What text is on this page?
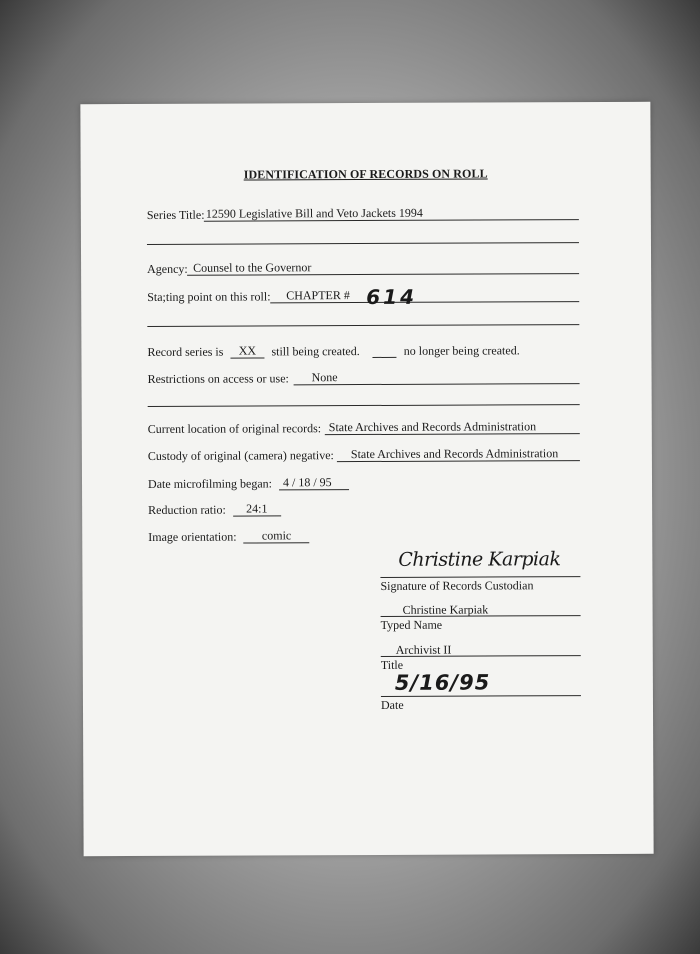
IDENTIFICATION OF RECORDS ON ROLL
Series Title: 12590 Legislative Bill and Veto Jackets 1994
Agency: Counsel to the Governor
Sta;ting point on this roll: CHAPTER # 614
Record series is XX still being created.	no longer being created.
Restrictions on access or use: None
Current location of original records: State Archives and Records Administration
Custody of original (camera) negative: State Archives and Records Administration
Date microfilming began: 4 / 18 / 95
Reduction ratio: 24:1
Image orientation: comic
Christine Karpiak
Signature of Records Custodian
Christine Karpiak
Typed Name
Archivist II
Title
5/16/95
Date
